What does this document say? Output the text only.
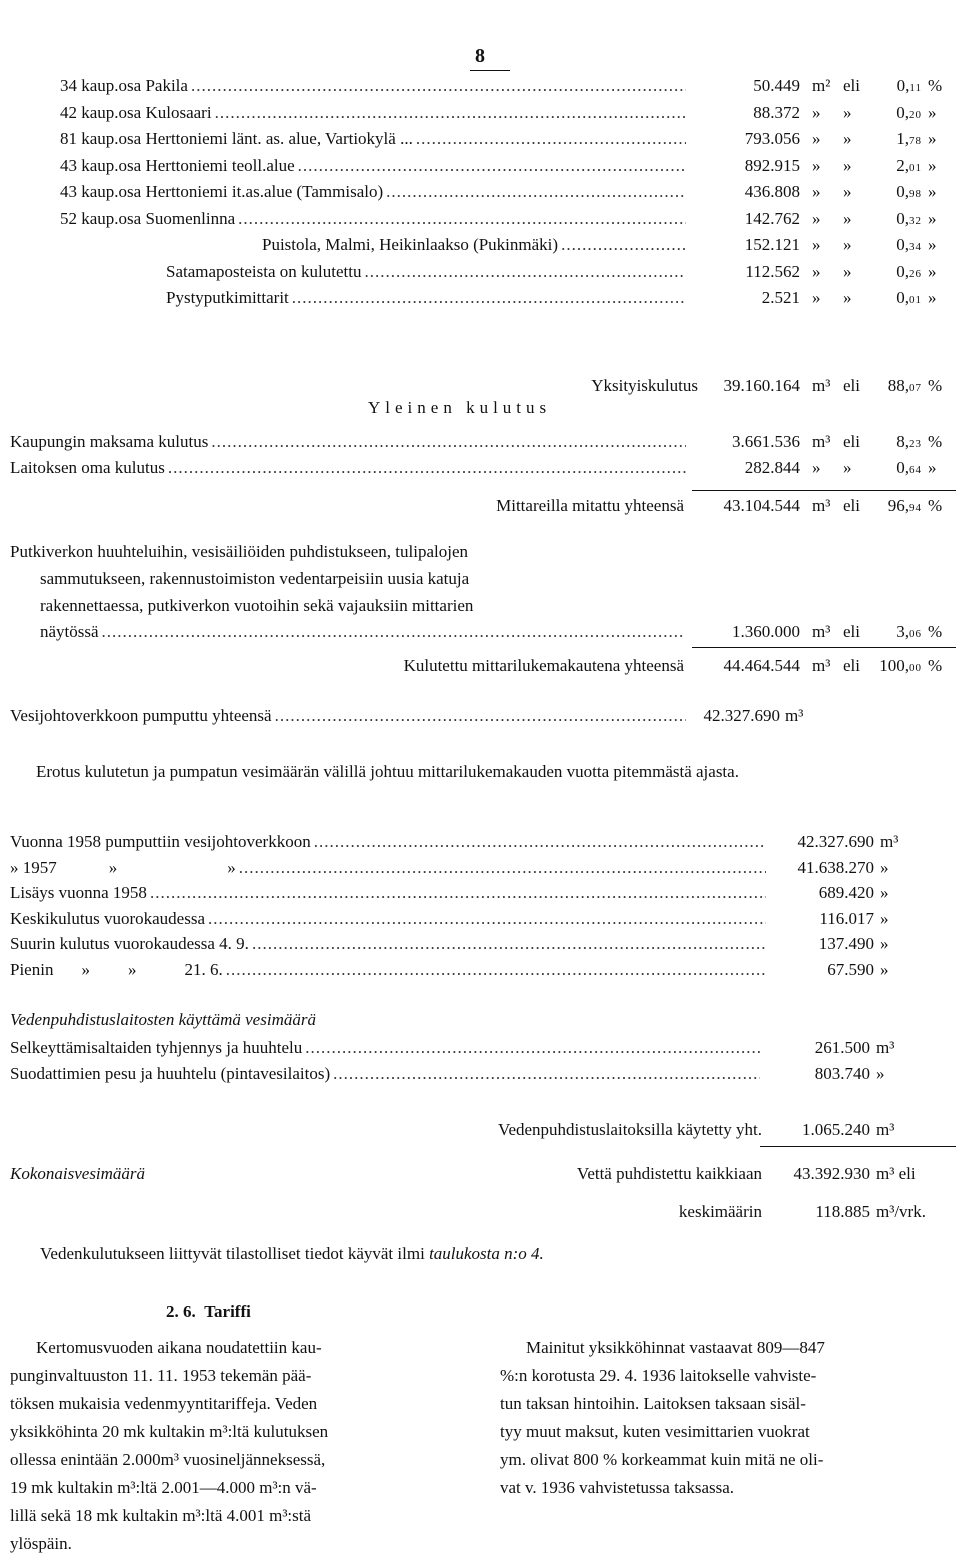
8
34 kaup.osa Pakila .....	50.449 m² eli 0,11 %
42 kaup.osa Kulosaari .....	88.372 » »	0,20 »
81 kaup.osa Herttoniemi länt. as. alue, Vartiokylä ... .....	793.056 » »	1,78 »
43 kaup.osa Herttoniemi teoll.alue .....	892.915 » »	2,01 »
43 kaup.osa Herttoniemi it.as.alue (Tammisalo) .....	436.808 » »	0,98 »
52 kaup.osa Suomenlinna .....	142.762 » »	0,32 »
Puistola, Malmi, Heikinlaakso (Pukinmäki) .....	152.121 » »	0,34 »
Satamaposteista on kulutettu .....	112.562 » »	0,26 »
Pystyputkimittarit .....	2.521 » »	0,01 »
Yksityiskulutus	39.160.164 m³ eli 88,07 %
Yleinen kulutus
Kaupungin maksama kulutus .....	3.661.536 m³ eli 8,23 %
Laitoksen oma kulutus .....	282.844 » »	0,64 »
Mittareilla mitattu yhteensä	43.104.544 m³ eli 96,94 %
Putkiverkon huuhteluihin, vesisäiliöiden puhdistukseen, tulipalojen
sammutukseen, rakennustoimiston vedentarpeisiin uusia katuja
rakennettaessa, putkiverkon vuotoihin sekä vajauksiin mittarien
näytössä .....	1.360.000 m³ eli 3,06 %
Kulutettu mittarilukemakautena yhteensä	44.464.544 m³ eli 100,00 %
Vesijohtoverkkoon pumputtu yhteensä .....	42.327.690 m³
Erotus kulutetun ja pumpatun vesimäärän välillä johtuu mittarilukemakauden vuotta pitemmästä ajasta.
Vuonna 1958 pumputtiin vesijohtoverkkoon .....	42.327.690 m³
» 1957	»	» .....	41.638.270 »
Lisäys vuonna 1958 .....	689.420 »
Keskikulutus vuorokaudessa .....	116.017 »
Suurin kulutus vuorokaudessa 4. 9. .....	137.490 »
Pienin	»	»	21. 6. .....	67.590 »
Vedenpuhdistuslaitosten käyttämä vesimäärä
Selkeyttämisaltaiden tyhjennys ja huuhtelu .....	261.500 m³
Suodattimien pesu ja huuhtelu (pintavesilaitos) .....	803.740 »
Vedenpuhdistuslaitoksilla käytetty yht.	1.065.240 m³
Kokonaisvesimäärä	Vettä puhdistettu kaikkiaan	43.392.930 m³ eli
keskimäärin	118.885 m³/vrk.
Vedenkulutukseen liittyvät tilastolliset tiedot käyvät ilmi taulukosta n:o 4.
2. 6. Tariffi
Kertomusvuoden aikana noudatettiin kau-
punginvaltuuston 11. 11. 1953 tekemän pää-
töksen mukaisia vedenmyyntitariffeja. Veden
yksikköhinta 20 mk kultakin m³:ltä kulutuksen
ollessa enintään 2.000m³ vuosineljänneksessä,
19 mk kultakin m³:ltä 2.001—4.000 m³:n vä-
lillä sekä 18 mk kultakin m³:ltä 4.001 m³:stä
ylöspäin.
Mainitut yksikköhinnat vastaavat 809—847
%:n korotusta 29. 4. 1936 laitokselle vahviste-
tun taksan hintoihin. Laitoksen taksaan sisäl-
tyy muut maksut, kuten vesimittarien vuokrat
ym. olivat 800 % korkeammat kuin mitä ne oli-
vat v. 1936 vahvistetussa taksassa.
